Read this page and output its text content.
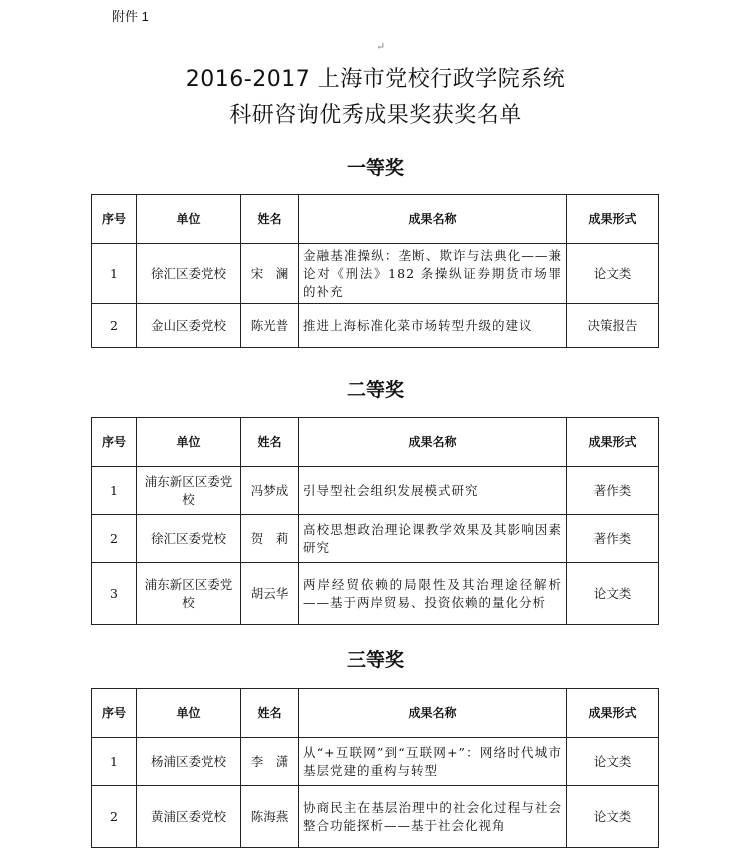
附件 1
↵
2016-2017 上海市党校行政学院系统
科研咨询优秀成果奖获奖名单
一等奖
序号	单位	姓名	成果名称	成果形式
1	徐汇区委党校	宋　澜	金融基准操纵：垄断、欺诈与法典化——兼论对《刑法》182 条操纵证券期货市场罪的补充	论文类
2	金山区委党校	陈光普	推进上海标准化菜市场转型升级的建议	决策报告
二等奖
序号	单位	姓名	成果名称	成果形式
1	浦东新区区委党校	冯梦成	引导型社会组织发展模式研究	著作类
2	徐汇区委党校	贺　莉	高校思想政治理论课教学效果及其影响因素研究	著作类
3	浦东新区区委党校	胡云华	两岸经贸依赖的局限性及其治理途径解析——基于两岸贸易、投资依赖的量化分析	论文类
三等奖
序号	单位	姓名	成果名称	成果形式
1	杨浦区委党校	李　潇	从“+互联网”到“互联网+”：网络时代城市基层党建的重构与转型	论文类
2	黄浦区委党校	陈海燕	协商民主在基层治理中的社会化过程与社会整合功能探析——基于社会化视角	论文类
